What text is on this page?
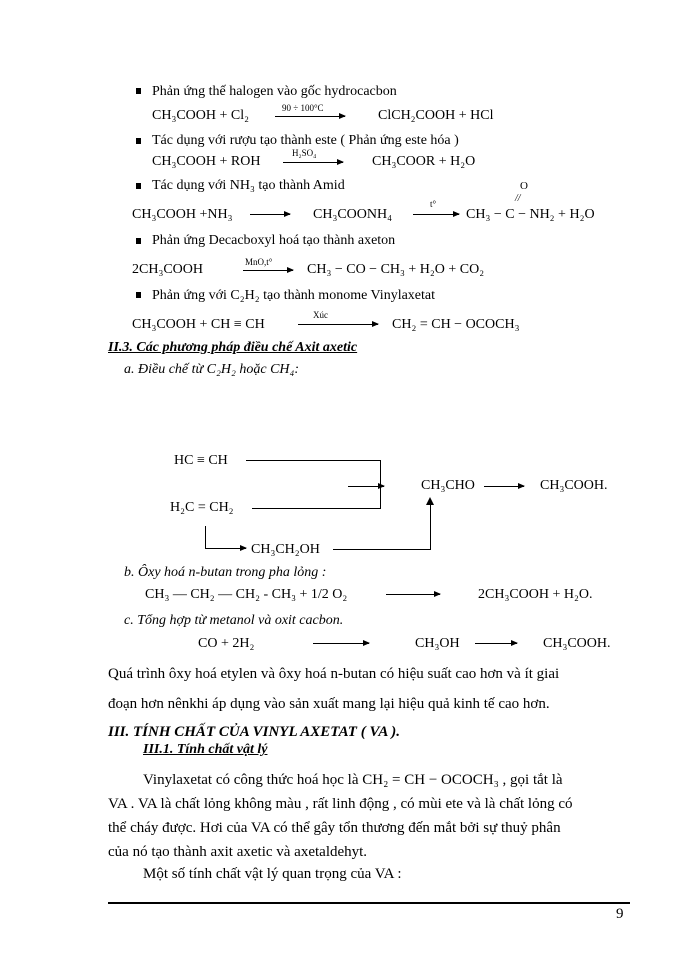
Phản ứng thế halogen vào gốc hydrocacbon
CH₃COOH + Cl₂	90 ÷ 100°C	ClCH₂COOH + HCl
Tác dụng với rượu tạo thành este ( Phản ứng este hóa )
CH₃COOH + ROH
H₂SO₄
CH₃COOR + H₂O
Tác dụng với NH₃ tạo thành Amid	O
//
CH₃COOH +NH₃	CH₃COONH₄
t°
CH₃ − C − NH₂ + H₂O
Phản ứng Decacboxyl hoá tạo thành axeton
2CH₃COOH	MnO,t° CH₃ − CO − CH₃ + H₂O + CO₂
Phản ứng với C₂H₂ tạo thành monome Vinylaxetat
CH₃COOH + CH ≡ CH
Xúc
CH₂ = CH − OCOCH₃
II.3. Các phương pháp điều chế Axit axetic
a. Điều chế từ C₂H₂ hoặc CH₄:
HC ≡ CH
H₂C = CH₂
CH₃CHO	CH₃COOH.
CH₃CH₂OH
b. Ôxy hoá n-butan trong pha lỏng :
CH₃ — CH₂ — CH₂ - CH₃ + 1/2 O₂	2CH₃COOH + H₂O.
c. Tổng hợp từ metanol và oxit cacbon.
CO + 2H₂	CH₃OH	CH₃COOH.
Quá trình ôxy hoá etylen và ôxy hoá n-butan có hiệu suất cao hơn và ít giai
đoạn hơn nênkhi áp dụng vào sản xuất mang lại hiệu quả kinh tế cao hơn.
III. TÍNH CHẤT CỦA VINYL AXETAT ( VA ).
III.1. Tính chất vật lý
Vinylaxetat có công thức hoá học là CH₂ = CH − OCOCH₃ , gọi tắt là
VA . VA là chất lỏng không màu , rất linh động , có mùi ete và là chất lỏng có
thể cháy được. Hơi của VA có thể gây tổn thương đến mắt bởi sự thuỷ phân
của nó tạo thành axit axetic và axetaldehyt.
Một số tính chất vật lý quan trọng của VA :
9
